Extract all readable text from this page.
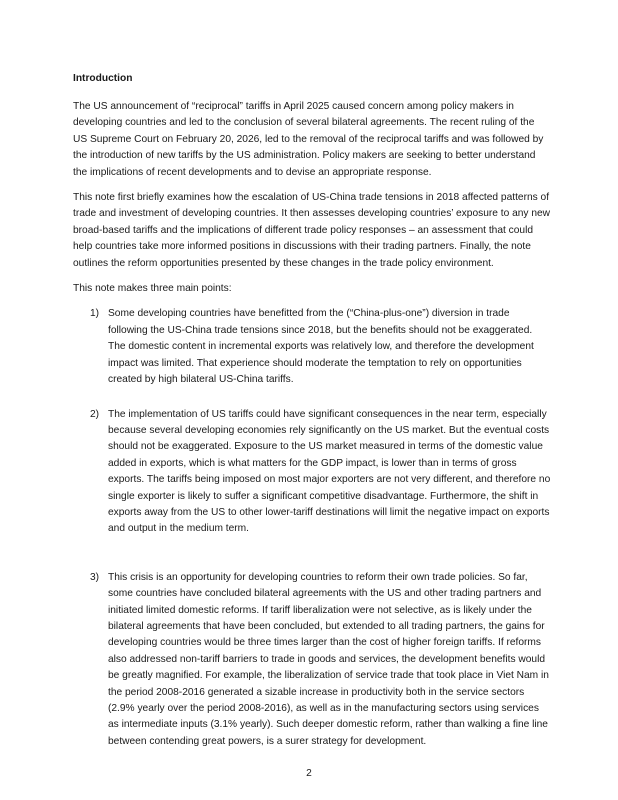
Introduction

The US announcement of “reciprocal” tariffs in April 2025 caused concern among policy makers in developing countries and led to the conclusion of several bilateral agreements. The recent ruling of the US Supreme Court on February 20, 2026, led to the removal of the reciprocal tariffs and was followed by the introduction of new tariffs by the US administration. Policy makers are seeking to better understand the implications of recent developments and to devise an appropriate response.

This note first briefly examines how the escalation of US-China trade tensions in 2018 affected patterns of trade and investment of developing countries. It then assesses developing countries’ exposure to any new broad-based tariffs and the implications of different trade policy responses – an assessment that could help countries take more informed positions in discussions with their trading partners. Finally, the note outlines the reform opportunities presented by these changes in the trade policy environment.

This note makes three main points:

1) Some developing countries have benefitted from the (“China-plus-one”) diversion in trade following the US-China trade tensions since 2018, but the benefits should not be exaggerated. The domestic content in incremental exports was relatively low, and therefore the development impact was limited. That experience should moderate the temptation to rely on opportunities created by high bilateral US-China tariffs.
2) The implementation of US tariffs could have significant consequences in the near term, especially because several developing economies rely significantly on the US market. But the eventual costs should not be exaggerated. Exposure to the US market measured in terms of the domestic value added in exports, which is what matters for the GDP impact, is lower than in terms of gross exports. The tariffs being imposed on most major exporters are not very different, and therefore no single exporter is likely to suffer a significant competitive disadvantage. Furthermore, the shift in exports away from the US to other lower-tariff destinations will limit the negative impact on exports and output in the medium term.
3) This crisis is an opportunity for developing countries to reform their own trade policies. So far, some countries have concluded bilateral agreements with the US and other trading partners and initiated limited domestic reforms. If tariff liberalization were not selective, as is likely under the bilateral agreements that have been concluded, but extended to all trading partners, the gains for developing countries would be three times larger than the cost of higher foreign tariffs. If reforms also addressed non-tariff barriers to trade in goods and services, the development benefits would be greatly magnified. For example, the liberalization of service trade that took place in Viet Nam in the period 2008-2016 generated a sizable increase in productivity both in the service sectors (2.9% yearly over the period 2008-2016), as well as in the manufacturing sectors using services as intermediate inputs (3.1% yearly). Such deeper domestic reform, rather than walking a fine line between contending great powers, is a surer strategy for development.
2
